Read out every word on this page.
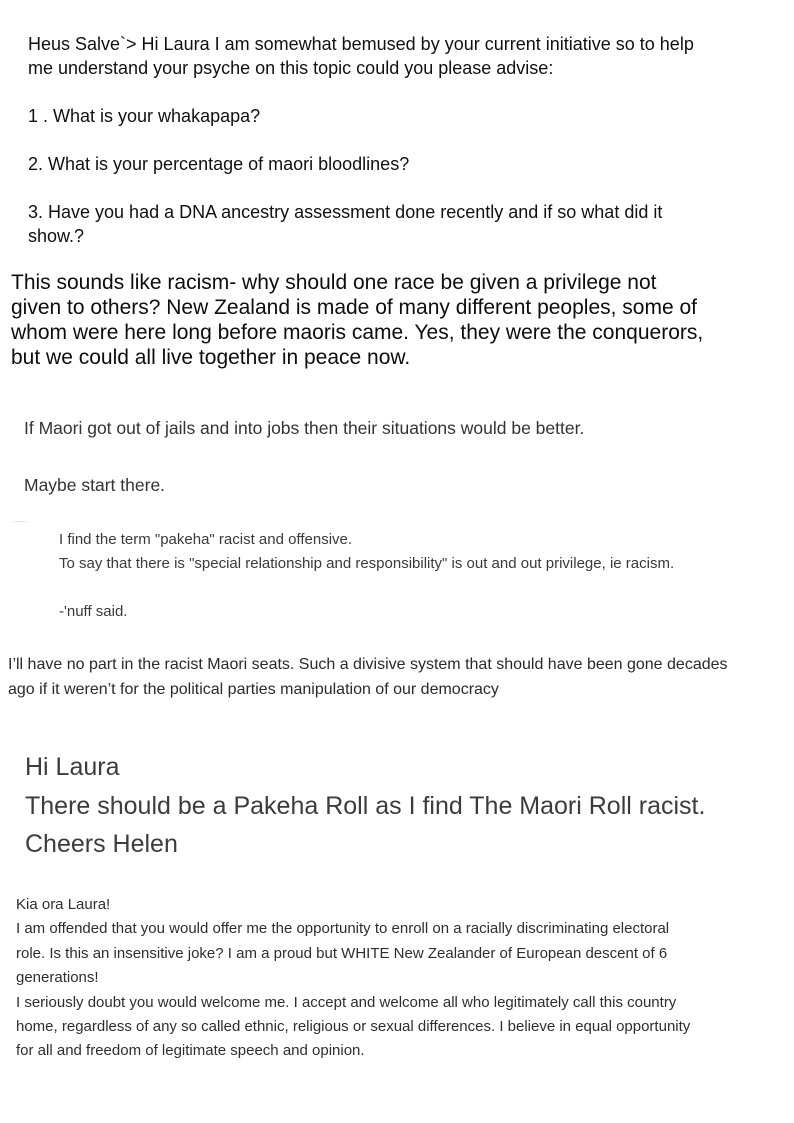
Heus Salve`> Hi Laura I am somewhat bemused by your current initiative so to help
me understand your psyche on this topic could you please advise:
1 . What is your whakapapa?
2. What is your percentage of maori bloodlines?
3. Have you had a DNA ancestry assessment done recently and if so what did it
show.?
This sounds like racism- why should one race be given a privilege not
given to others? New Zealand is made of many different peoples, some of
whom were here long before maoris came. Yes, they were the conquerors,
but we could all live together in peace now.
If Maori got out of jails and into jobs then their situations would be better.
Maybe start there.
I find the term "pakeha" racist and offensive.
To say that there is "special relationship and responsibility" is out and out privilege, ie racism.
-'nuff said.
I’ll have no part in the racist Maori seats. Such a divisive system that should have been gone decades
ago if it weren’t for the political parties manipulation of our democracy
Hi Laura
There should be a Pakeha Roll as I find The Maori Roll racist.
Cheers Helen
Kia ora Laura!
I am offended that you would offer me the opportunity to enroll on a racially discriminating electoral
role. Is this an insensitive joke? I am a proud but WHITE New Zealander of European descent of 6
generations!
I seriously doubt you would welcome me. I accept and welcome all who legitimately call this country
home, regardless of any so called ethnic, religious or sexual differences. I believe in equal opportunity
for all and freedom of legitimate speech and opinion.
